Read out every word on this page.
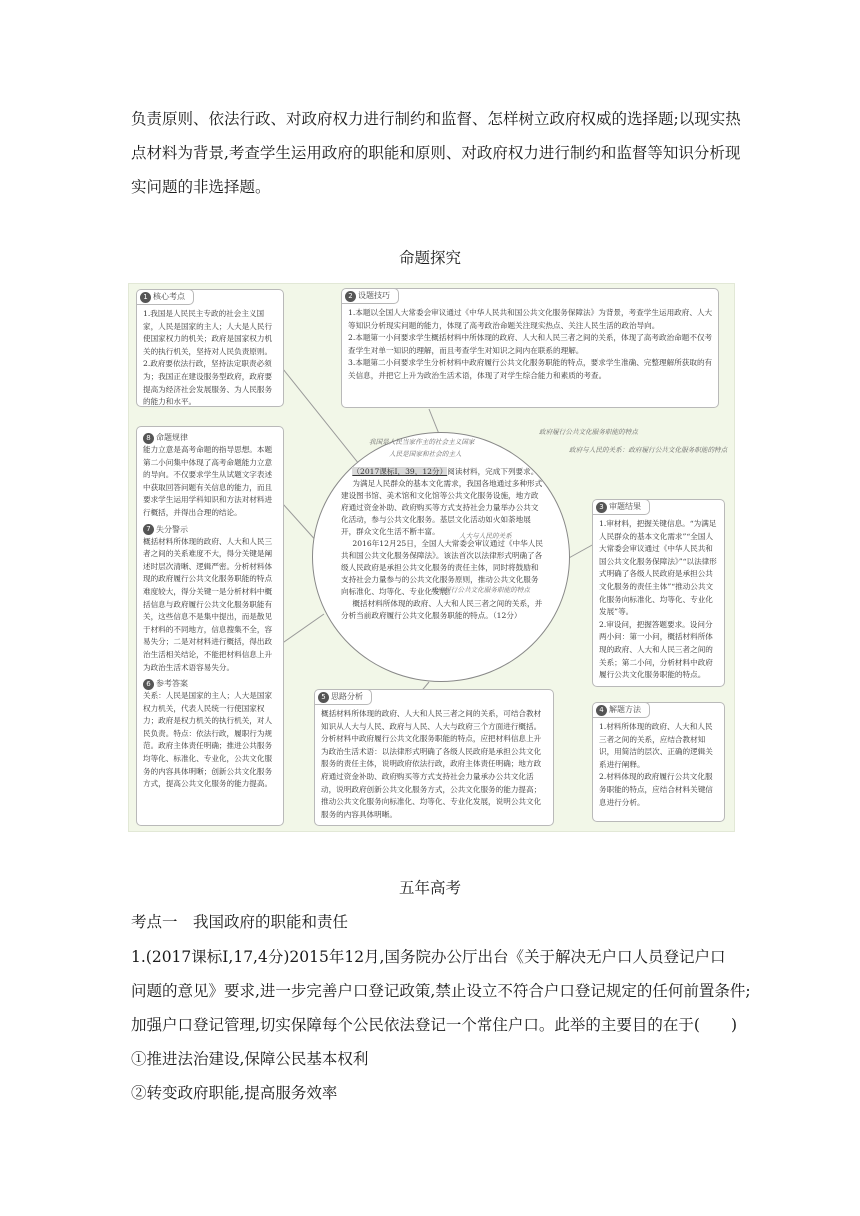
负责原则、依法行政、对政府权力进行制约和监督、怎样树立政府权威的选择题;以现实热
点材料为背景,考查学生运用政府的职能和原则、对政府权力进行制约和监督等知识分析现
实问题的非选择题。
命题探究
1 核心考点
1.我国是人民民主专政的社会主义国家，人民是国家的主人；人大是人民行使国家权力的机关；政府是国家权力机关的执行机关，坚持对人民负责原则。
2.政府要依法行政，坚持法定职责必须为；我国正在建设服务型政府，政府要提高为经济社会发展服务、为人民服务的能力和水平。
2 设题技巧
1.本题以全国人大常委会审议通过《中华人民共和国公共文化服务保障法》为背景，考查学生运用政府、人大等知识分析现实问题的能力，体现了高考政治命题关注现实热点、关注人民生活的政治导向。
2.本题第一小问要求学生概括材料中所体现的政府、人大和人民三者之间的关系，体现了高考政治命题不仅考查学生对单一知识的理解，而且考查学生对知识之间内在联系的理解。
3.本题第二小问要求学生分析材料中政府履行公共文化服务职能的特点，要求学生准确、完整理解所获取的有关信息，并把它上升为政治生活术语，体现了对学生综合能力和素质的考查。
8 命题规律
能力立意是高考命题的指导思想。本题第二小问集中体现了高考命题能力立意的导向。不仅要求学生从试题文字表述中获取回答问题有关信息的能力，而且要求学生运用学科知识和方法对材料进行概括，并得出合理的结论。
7 失分警示
概括材料所体现的政府、人大和人民三者之间的关系难度不大，得分关键是阐述时层次清晰、逻辑严密。分析材料体现的政府履行公共文化服务职能的特点难度较大，得分关键一是分析材料中概括信息与政府履行公共文化服务职能有关，这些信息不是集中提出，而是散见于材料的不同地方，信息搜集不全，容易失分；二是对材料进行概括，得出政治生活相关结论，不能把材料信息上升为政治生活术语容易失分。
6 参考答案
关系：人民是国家的主人；人大是国家权力机关，代表人民统一行使国家权力；政府是权力机关的执行机关，对人民负责。特点：依法行政，履职行为规范。政府主体责任明确；推进公共服务均等化、标准化、专业化，公共文化服务的内容具体明晰；创新公共文化服务方式，提高公共文化服务的能力提高。
我国是人民当家作主的社会主义国家
人民是国家和社会的主人
政府履行公共文化服务职能的特点
政府与人民的关系：政府履行公共文化服务职能的特点
人大与人民的关系
政府履行公共文化服务职能的特点

（2017课标Ⅰ，39，12分）阅读材料，完成下列要求。

为满足人民群众的基本文化需求，我国各地通过多种形式建设图书馆、美术馆和文化馆等公共文化服务设施，地方政府通过资金补助、政府购买等方式支持社会力量举办公共文化活动，参与公共文化服务。基层文化活动如火如荼地展开，群众文化生活不断丰富。

2016年12月25日，全国人大常委会审议通过《中华人民共和国公共文化服务保障法》。该法首次以法律形式明确了各级人民政府是承担公共文化服务的责任主体，同时将鼓励和支持社会力量参与的公共文化服务原则，推动公共文化服务向标准化、均等化、专业化发展。

概括材料所体现的政府、人大和人民三者之间的关系，并分析当前政府履行公共文化服务职能的特点。（12分）

3 审题结果
1.审材料，把握关键信息。“为满足人民群众的基本文化需求”“全国人大常委会审议通过《中华人民共和国公共文化服务保障法》”“以法律形式明确了各级人民政府是承担公共文化服务的责任主体”“推动公共文化服务向标准化、均等化、专业化发展”等。
2.审设问，把握答题要求。设问分两小问：第一小问，概括材料所体现的政府、人大和人民三者之间的关系；第二小问，分析材料中政府履行公共文化服务职能的特点。
4 解题方法
1.材料所体现的政府、人大和人民三者之间的关系，应结合教材知识，用简洁的层次、正确的逻辑关系进行阐释。
2.材料体现的政府履行公共文化服务职能的特点，应结合材料关键信息进行分析。
5 思路分析
概括材料所体现的政府、人大和人民三者之间的关系，可结合教材知识从人大与人民、政府与人民、人大与政府三个方面进行概括。分析材料中政府履行公共文化服务职能的特点，应把材料信息上升为政治生活术语：以法律形式明确了各级人民政府是承担公共文化服务的责任主体，说明政府依法行政，政府主体责任明确；地方政府通过资金补助、政府购买等方式支持社会力量承办公共文化活动，说明政府创新公共文化服务方式，公共文化服务的能力提高；推动公共文化服务向标准化、均等化、专业化发展，说明公共文化服务的内容具体明晰。
五年高考
考点一　我国政府的职能和责任
1.(2017课标Ⅰ,17,4分)2015年12月,国务院办公厅出台《关于解决无户口人员登记户口
问题的意见》要求,进一步完善户口登记政策,禁止设立不符合户口登记规定的任何前置条件;
加强户口登记管理,切实保障每个公民依法登记一个常住户口。此举的主要目的在于(　　)
①推进法治建设,保障公民基本权利
②转变政府职能,提高服务效率
